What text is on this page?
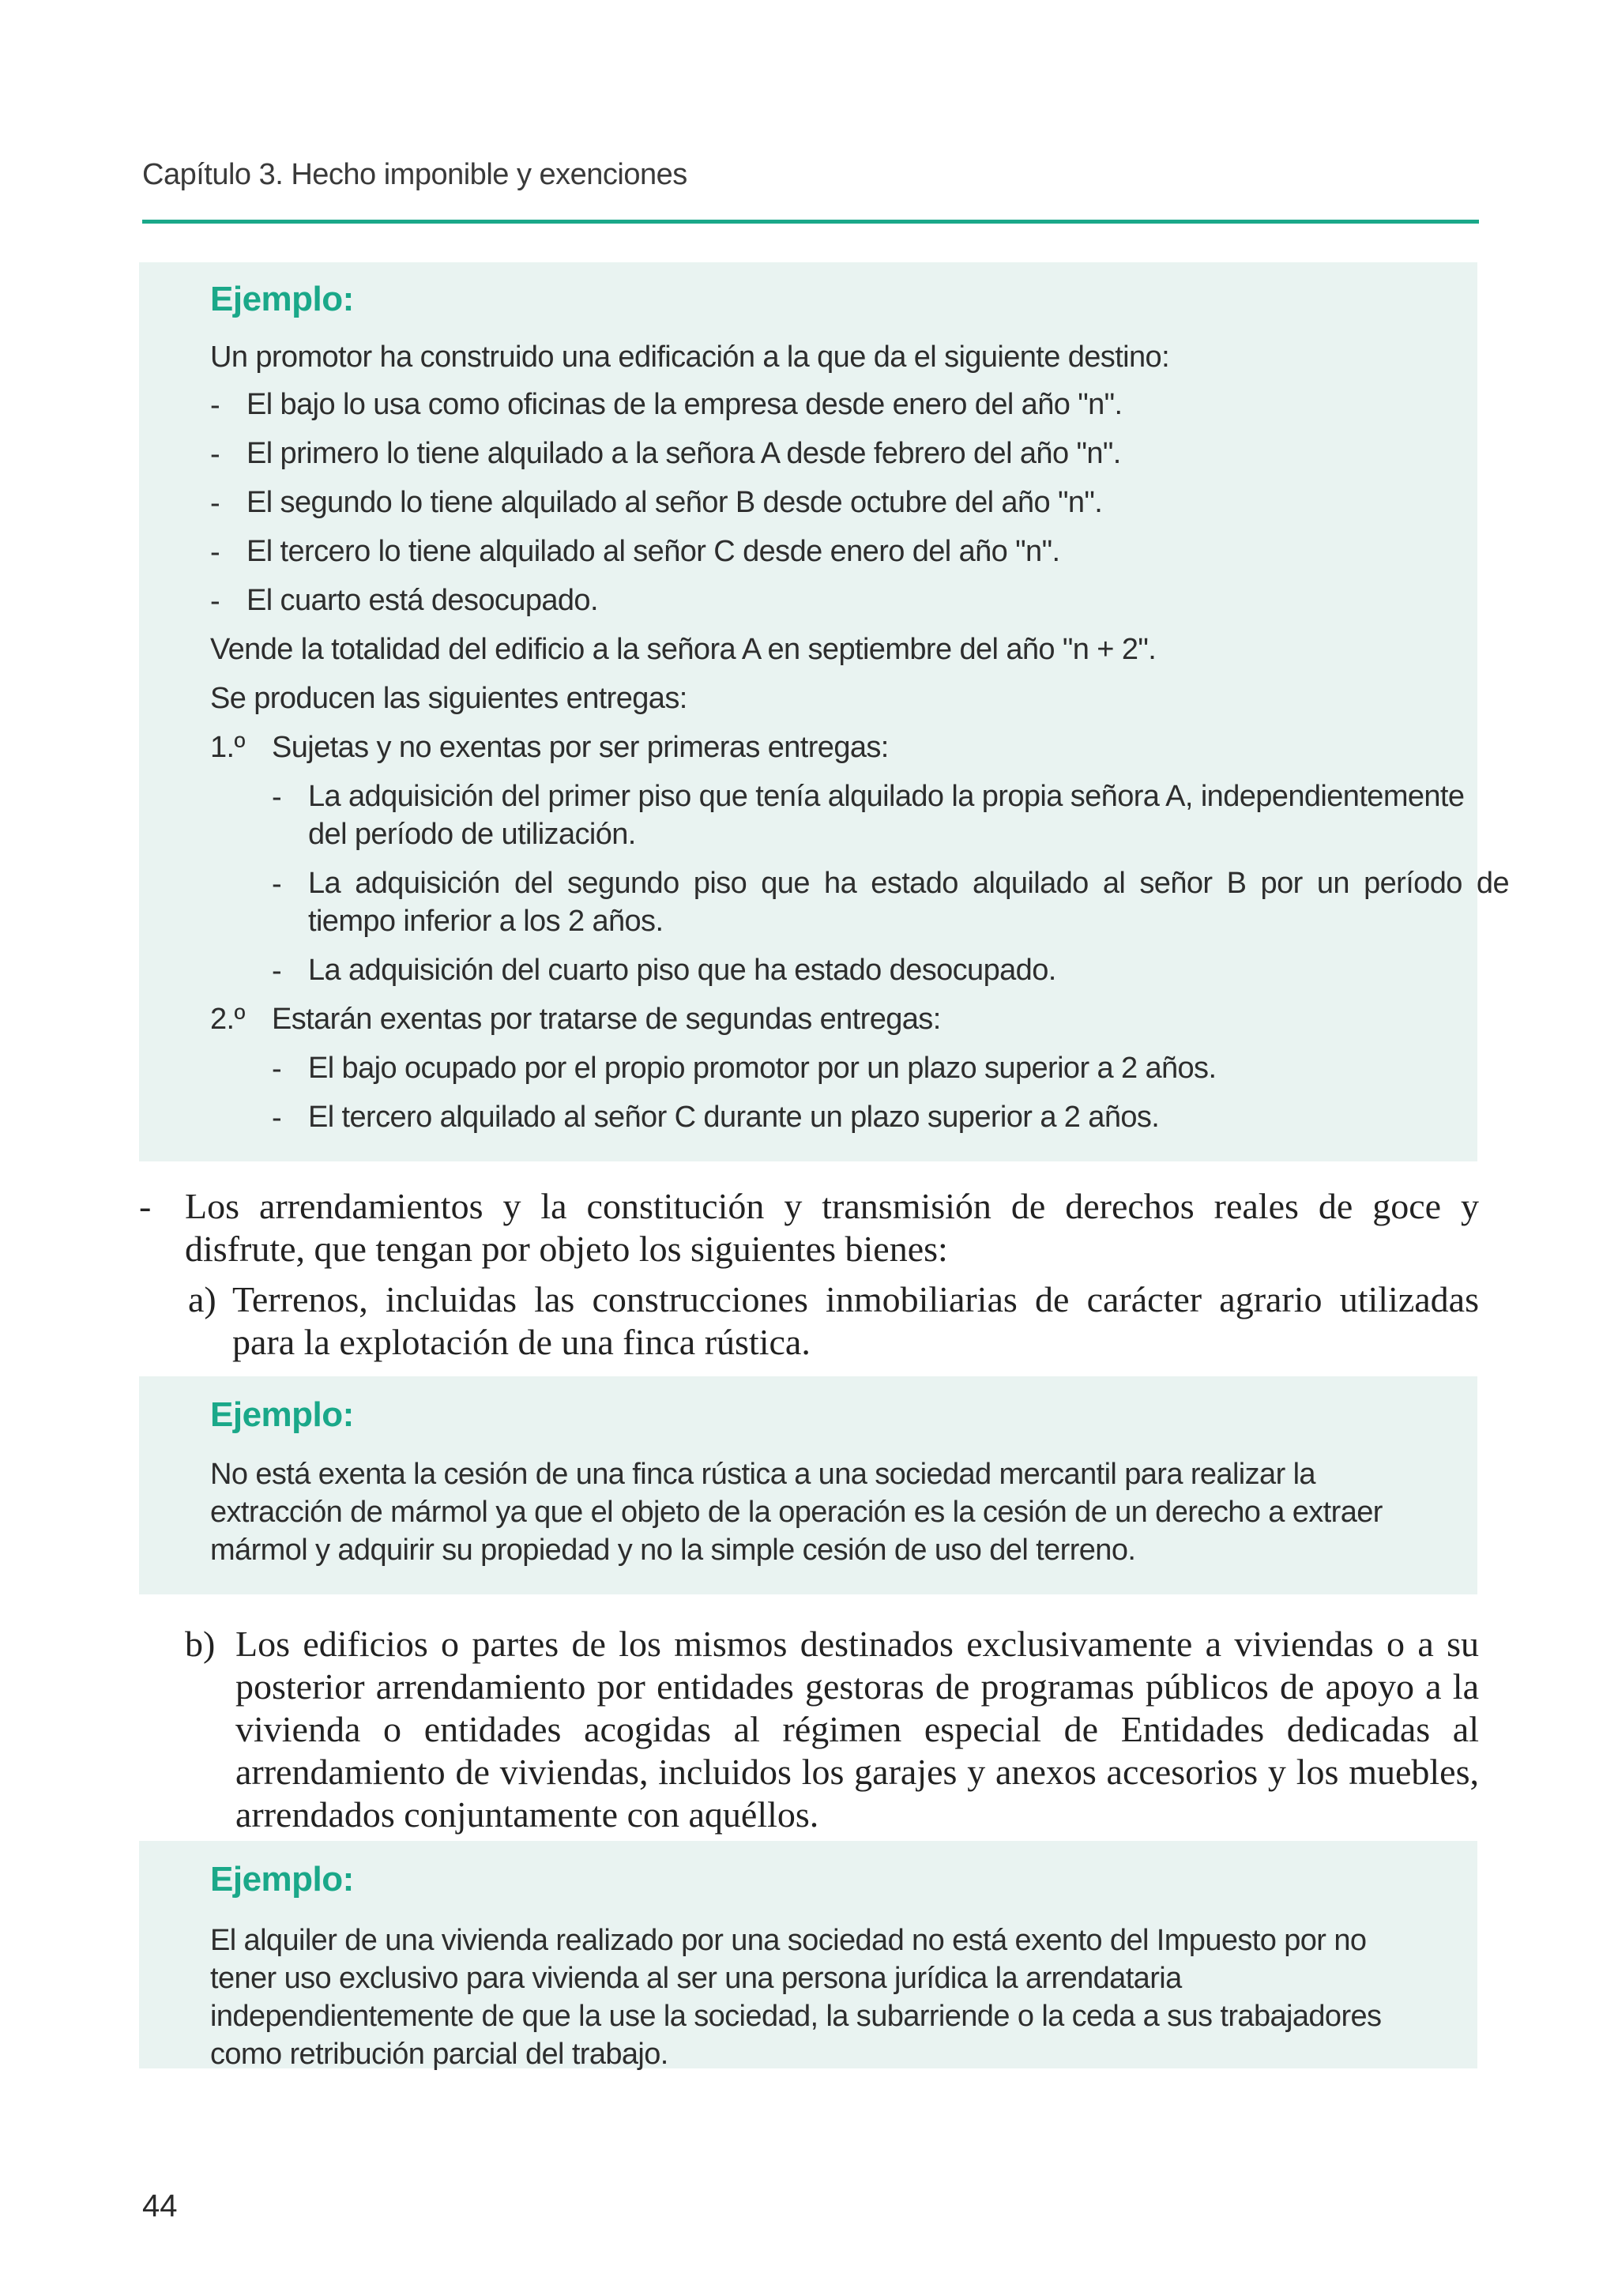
Capítulo 3. Hecho imponible y exenciones
Ejemplo:
Un promotor ha construido una edificación a la que da el siguiente destino:
- El bajo lo usa como oficinas de la empresa desde enero del año "n".
- El primero lo tiene alquilado a la señora A desde febrero del año "n".
- El segundo lo tiene alquilado al señor B desde octubre del año "n".
- El tercero lo tiene alquilado al señor C desde enero del año "n".
- El cuarto está desocupado.
Vende la totalidad del edificio a la señora A en septiembre del año "n + 2".
Se producen las siguientes entregas:
1.º Sujetas y no exentas por ser primeras entregas:
- La adquisición del primer piso que tenía alquilado la propia señora A, independientemente
del período de utilización.
- La adquisición del segundo piso que ha estado alquilado al señor B por un período de
tiempo inferior a los 2 años.
- La adquisición del cuarto piso que ha estado desocupado.
2.º Estarán exentas por tratarse de segundas entregas:
- El bajo ocupado por el propio promotor por un plazo superior a 2 años.
- El tercero alquilado al señor C durante un plazo superior a 2 años.
- Los arrendamientos y la constitución y transmisión de derechos reales de goce y disfrute, que tengan por objeto los siguientes bienes:
a) Terrenos, incluidas las construcciones inmobiliarias de carácter agrario utilizadas para la explotación de una finca rústica.
Ejemplo:
No está exenta la cesión de una finca rústica a una sociedad mercantil para realizar la extracción de mármol ya que el objeto de la operación es la cesión de un derecho a extraer mármol y adquirir su propiedad y no la simple cesión de uso del terreno.
b) Los edificios o partes de los mismos destinados exclusivamente a viviendas o a su posterior arrendamiento por entidades gestoras de programas públicos de apoyo a la vivienda o entidades acogidas al régimen especial de Entidades dedicadas al arrendamiento de viviendas, incluidos los garajes y anexos accesorios y los muebles, arrendados conjuntamente con aquéllos.
Ejemplo:
El alquiler de una vivienda realizado por una sociedad no está exento del Impuesto por no tener uso exclusivo para vivienda al ser una persona jurídica la arrendataria independientemente de que la use la sociedad, la subarriende o la ceda a sus trabajadores como retribución parcial del trabajo.
44
